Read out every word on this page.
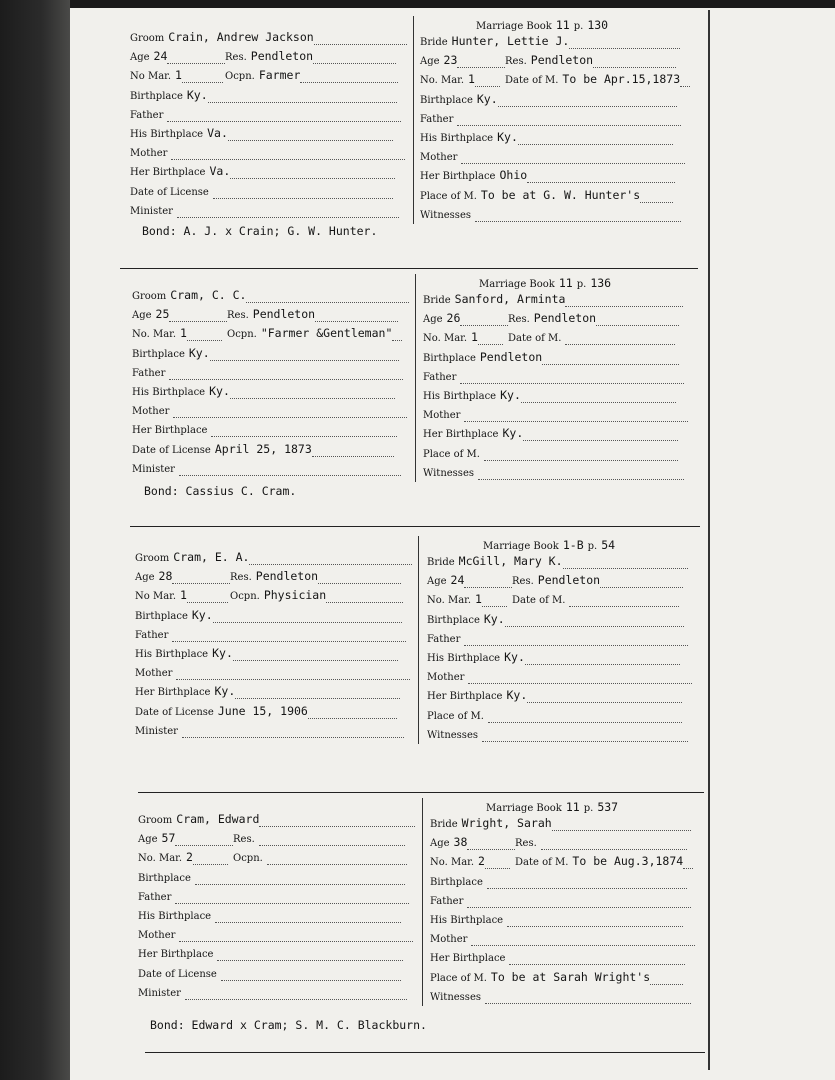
Marriage Book 11 p. 130
Groom Crain, Andrew Jackson
Age 24	Res. Pendleton
No Mar. 1	Ocpn. Farmer
Birthplace Ky.
Father
His Birthplace Va.
Mother
Her Birthplace Va.
Date of License
Minister
Bride Hunter, Lettie J.
Age 23	Res. Pendleton
No. Mar. 1	Date of M. To be Apr.15,1873
Birthplace Ky.
Father
His Birthplace Ky.
Mother
Her Birthplace Ohio
Place of M. To be at G. W. Hunter's
Witnesses
Bond: A. J. x Crain; G. W. Hunter.
Marriage Book 11 p. 136
Groom Cram, C. C.
Age 25	Res. Pendleton
No. Mar. 1	Ocpn. "Farmer &Gentleman"
Birthplace Ky.
Father
His Birthplace Ky.
Mother
Her Birthplace
Date of License April 25, 1873
Minister
Bride Sanford, Arminta
Age 26	Res. Pendleton
No. Mar. 1	Date of M.
Birthplace Pendleton
Father
His Birthplace Ky.
Mother
Her Birthplace Ky.
Place of M.
Witnesses
Bond: Cassius C. Cram.
Marriage Book 1-B p. 54
Groom Cram, E. A.
Age 28	Res. Pendleton
No Mar. 1	Ocpn. Physician
Birthplace Ky.
Father
His Birthplace Ky.
Mother
Her Birthplace Ky.
Date of License June 15, 1906
Minister
Bride McGill, Mary K.
Age 24	Res. Pendleton
No. Mar. 1	Date of M.
Birthplace Ky.
Father
His Birthplace Ky.
Mother
Her Birthplace Ky.
Place of M.
Witnesses
Marriage Book 11 p. 537
Groom Cram, Edward
Age 57	Res.
No. Mar. 2	Ocpn.
Birthplace
Father
His Birthplace
Mother
Her Birthplace
Date of License
Minister
Bride Wright, Sarah
Age 38	Res.
No. Mar. 2	Date of M. To be Aug.3,1874
Birthplace
Father
His Birthplace
Mother
Her Birthplace
Place of M. To be at Sarah Wright's
Witnesses
Bond: Edward x Cram; S. M. C. Blackburn.
